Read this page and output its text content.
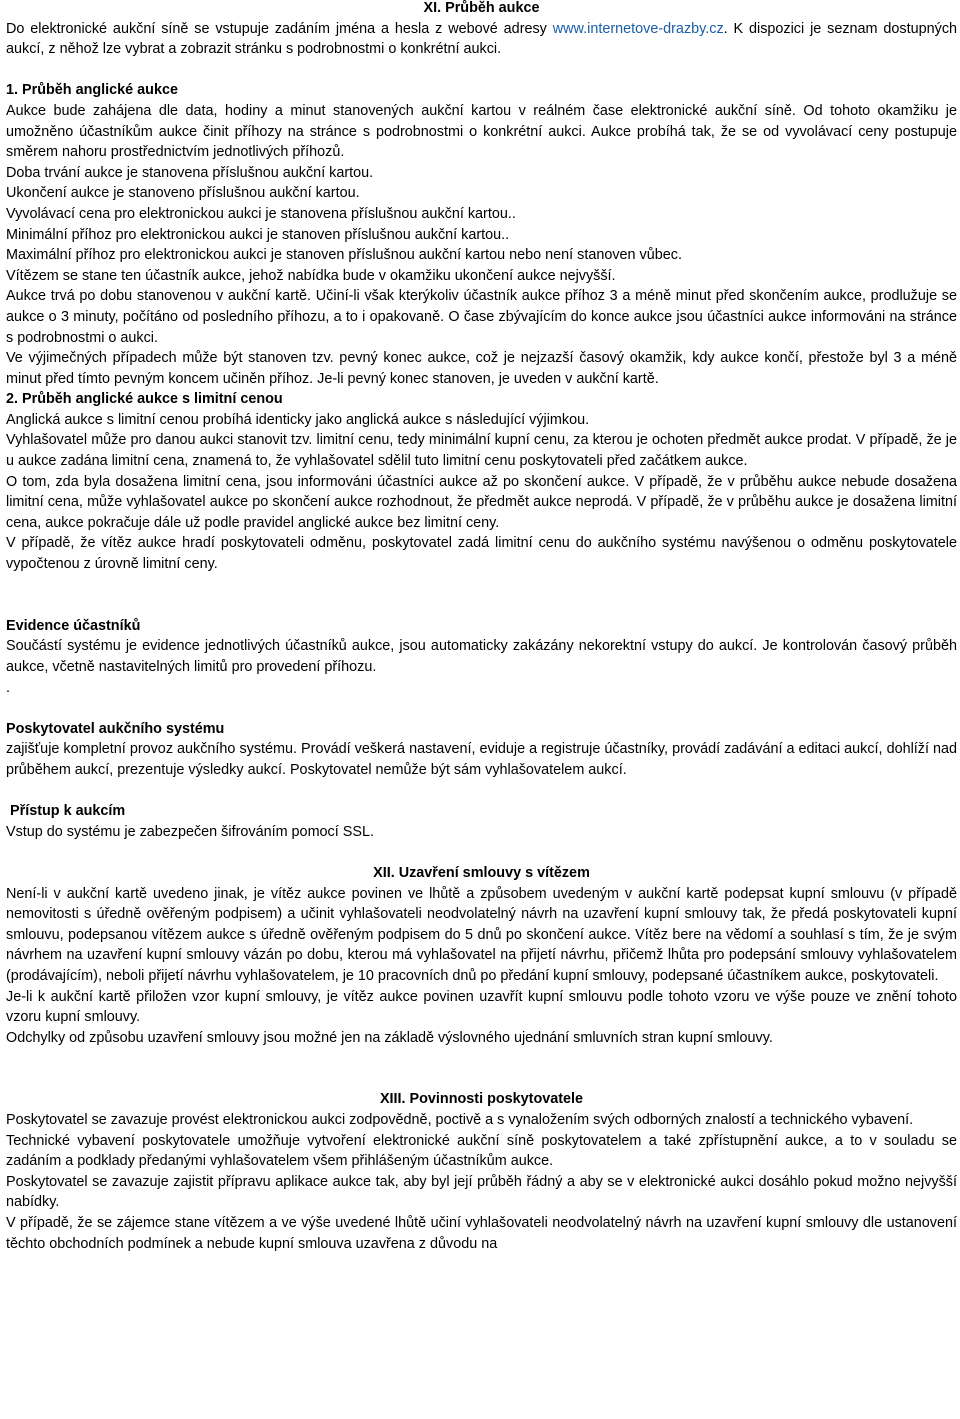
XI. Průběh aukce

Do elektronické aukční síně se vstupuje zadáním jména a hesla z webové adresy www.internetove-drazby.cz. K dispozici je seznam dostupných aukcí, z něhož lze vybrat a zobrazit stránku s podrobnostmi o konkrétní aukci.

1. Průběh anglické aukce

Aukce bude zahájena dle data, hodiny a minut stanovených aukční kartou v reálném čase elektronické aukční síně. Od tohoto okamžiku je umožněno účastníkům aukce činit příhozy na stránce s podrobnostmi o konkrétní aukci. Aukce probíhá tak, že se od vyvolávací ceny postupuje směrem nahoru prostřednictvím jednotlivých příhozů.

Doba trvání aukce je stanovena příslušnou aukční kartou.

Ukončení aukce je stanoveno příslušnou aukční kartou.

Vyvolávací cena pro elektronickou aukci je stanovena příslušnou aukční kartou..

Minimální příhoz pro elektronickou aukci je stanoven příslušnou aukční kartou..

Maximální příhoz pro elektronickou aukci je stanoven příslušnou aukční kartou nebo není stanoven vůbec.

Vítězem se stane ten účastník aukce, jehož nabídka bude v okamžiku ukončení aukce nejvyšší.

Aukce trvá po dobu stanovenou v aukční kartě. Učiní-li však kterýkoliv účastník aukce příhoz 3 a méně minut před skončením aukce, prodlužuje se aukce o 3 minuty, počítáno od posledního příhozu, a to i opakovaně. O čase zbývajícím do konce aukce jsou účastníci aukce informováni na stránce s podrobnostmi o aukci.

Ve výjimečných případech může být stanoven tzv. pevný konec aukce, což je nejzazší časový okamžik, kdy aukce končí, přestože byl 3 a méně minut před tímto pevným koncem učiněn příhoz. Je-li pevný konec stanoven, je uveden v aukční kartě.

2. Průběh anglické aukce s limitní cenou

Anglická aukce s limitní cenou probíhá identicky jako anglická aukce s následující výjimkou.

Vyhlašovatel může pro danou aukci stanovit tzv. limitní cenu, tedy minimální kupní cenu, za kterou je ochoten předmět aukce prodat. V případě, že je u aukce zadána limitní cena, znamená to, že vyhlašovatel sdělil tuto limitní cenu poskytovateli před začátkem aukce.

O tom, zda byla dosažena limitní cena, jsou informováni účastníci aukce až po skončení aukce. V případě, že v průběhu aukce nebude dosažena limitní cena, může vyhlašovatel aukce po skončení aukce rozhodnout, že předmět aukce neprodá. V případě, že v průběhu aukce je dosažena limitní cena, aukce pokračuje dále už podle pravidel anglické aukce bez limitní ceny.

V případě, že vítěz aukce hradí poskytovateli odměnu, poskytovatel zadá limitní cenu do aukčního systému navýšenou o odměnu poskytovatele vypočtenou z úrovně limitní ceny.

Evidence účastníků

Součástí systému je evidence jednotlivých účastníků aukce, jsou automaticky zakázány nekorektní vstupy do aukcí. Je kontrolován časový průběh aukce, včetně nastavitelných limitů pro provedení příhozu.

.

Poskytovatel aukčního systému

zajišťuje kompletní provoz aukčního systému. Provádí veškerá nastavení, eviduje a registruje účastníky, provádí zadávání a editaci aukcí, dohlíží nad průběhem aukcí, prezentuje výsledky aukcí. Poskytovatel nemůže být sám vyhlašovatelem aukcí.

Přístup k aukcím

Vstup do systému je zabezpečen šifrováním pomocí SSL.

XII. Uzavření smlouvy s vítězem

Není-li v aukční kartě uvedeno jinak, je vítěz aukce povinen ve lhůtě a způsobem uvedeným v aukční kartě podepsat kupní smlouvu (v případě nemovitosti s úředně ověřeným podpisem) a učinit vyhlašovateli neodvolatelný návrh na uzavření kupní smlouvy tak, že předá poskytovateli kupní smlouvu, podepsanou vítězem aukce s úředně ověřeným podpisem do 5 dnů po skončení aukce. Vítěz bere na vědomí a souhlasí s tím, že je svým návrhem na uzavření kupní smlouvy vázán po dobu, kterou má vyhlašovatel na přijetí návrhu, přičemž lhůta pro podepsání smlouvy vyhlašovatelem (prodávajícím), neboli přijetí návrhu vyhlašovatelem, je 10 pracovních dnů po předání kupní smlouvy, podepsané účastníkem aukce, poskytovateli.

Je-li k aukční kartě přiložen vzor kupní smlouvy, je vítěz aukce povinen uzavřít kupní smlouvu podle tohoto vzoru ve výše pouze ve znění tohoto vzoru kupní smlouvy.

Odchylky od způsobu uzavření smlouvy jsou možné jen na základě výslovného ujednání smluvních stran kupní smlouvy.

XIII. Povinnosti poskytovatele

Poskytovatel se zavazuje provést elektronickou aukci zodpovědně, poctivě a s vynaložením svých odborných znalostí a technického vybavení.

Technické vybavení poskytovatele umožňuje vytvoření elektronické aukční síně poskytovatelem a také zpřístupnění aukce, a to v souladu se zadáním a podklady předanými vyhlašovatelem všem přihlášeným účastníkům aukce.

Poskytovatel se zavazuje zajistit přípravu aplikace aukce tak, aby byl její průběh řádný a aby se v elektronické aukci dosáhlo pokud možno nejvyšší nabídky.

V případě, že se zájemce stane vítězem a ve výše uvedené lhůtě učiní vyhlašovateli neodvolatelný návrh na uzavření kupní smlouvy dle ustanovení těchto obchodních podmínek a nebude kupní smlouva uzavřena z důvodu na
